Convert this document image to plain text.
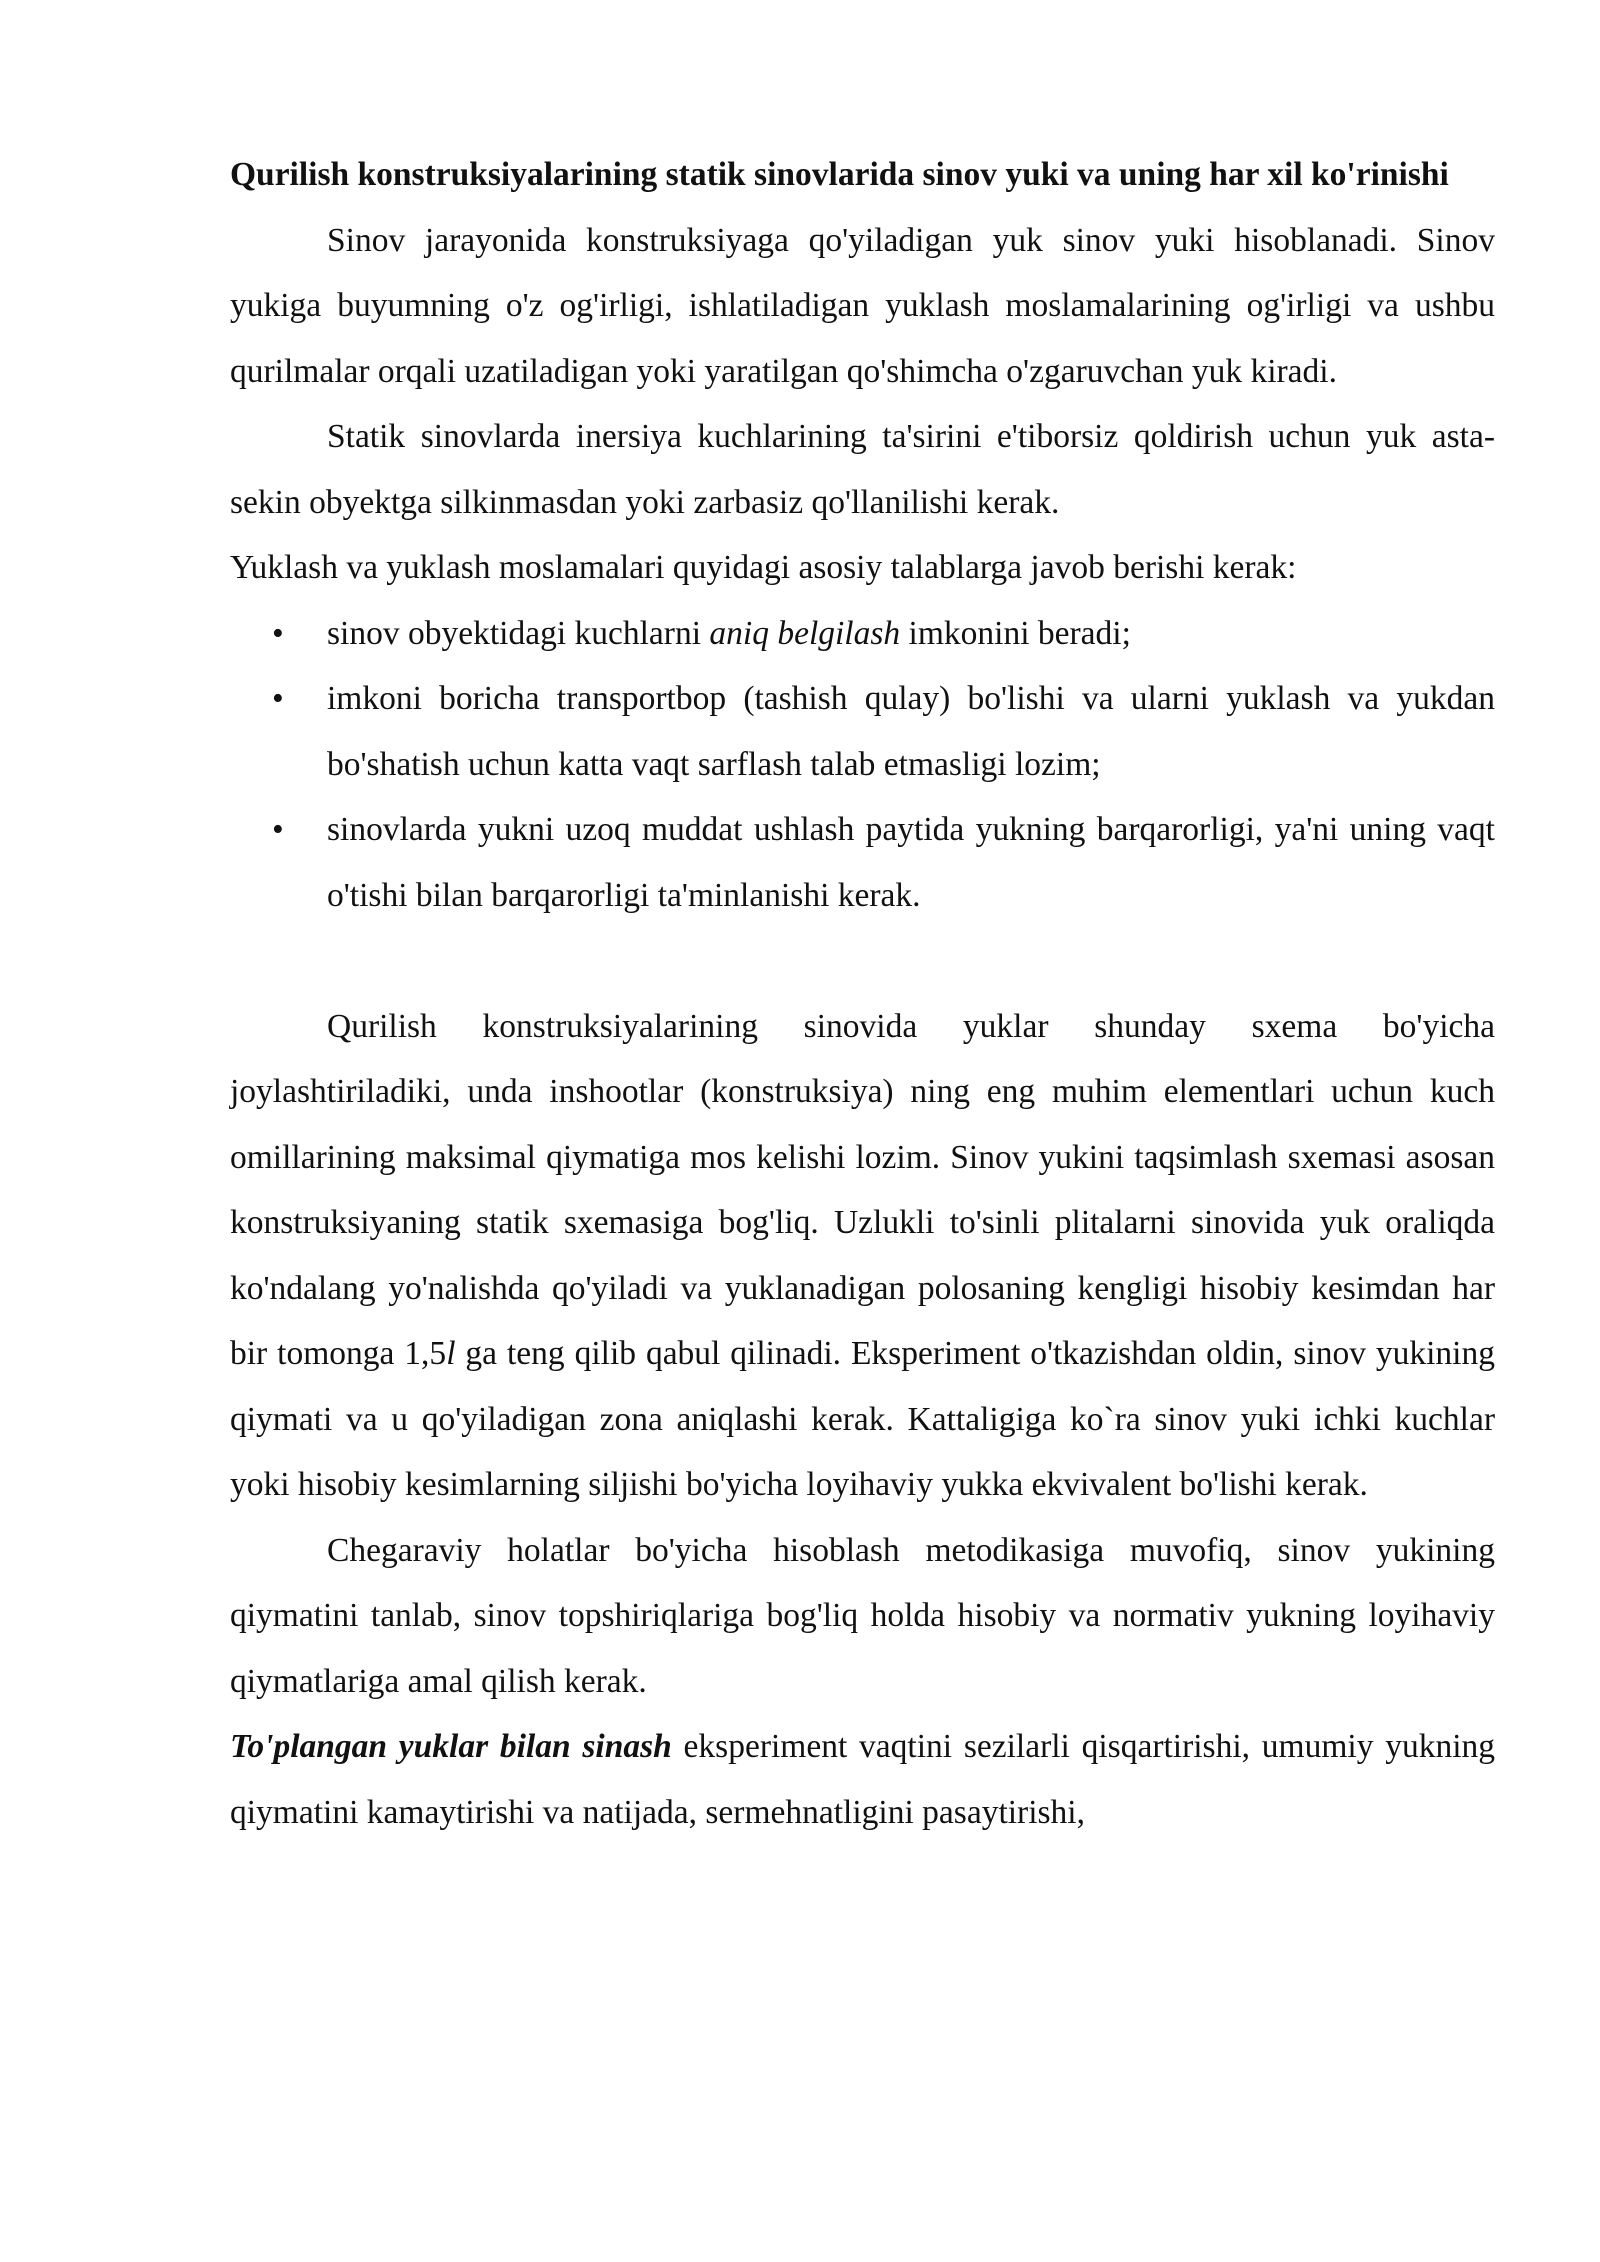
Qurilish konstruksiyalarining statik sinovlarida sinov yuki va uning har xil ko'rinishi

Sinov jarayonida konstruksiyaga qo'yiladigan yuk sinov yuki hisoblanadi. Sinov yukiga buyumning o'z og'irligi, ishlatiladigan yuklash moslamalarining og'irligi va ushbu qurilmalar orqali uzatiladigan yoki yaratilgan qo'shimcha o'zgaruvchan yuk kiradi.

Statik sinovlarda inersiya kuchlarining ta'sirini e'tiborsiz qoldirish uchun yuk asta-sekin obyektga silkinmasdan yoki zarbasiz qo'llanilishi kerak.

Yuklash va yuklash moslamalari quyidagi asosiy talablarga javob berishi kerak:

• sinov obyektidagi kuchlarni aniq belgilash imkonini beradi;
• imkoni boricha transportbop (tashish qulay) bo'lishi va ularni yuklash va yukdan bo'shatish uchun katta vaqt sarflash talab etmasligi lozim;
• sinovlarda yukni uzoq muddat ushlash paytida yukning barqarorligi, ya'ni uning vaqt o'tishi bilan barqarorligi ta'minlanishi kerak.

Qurilish konstruksiyalarining sinovida yuklar shunday sxema bo'yicha joylashtiriladiki, unda inshootlar (konstruksiya) ning eng muhim elementlari uchun kuch omillarining maksimal qiymatiga mos kelishi lozim. Sinov yukini taqsimlash sxemasi asosan konstruksiyaning statik sxemasiga bog'liq. Uzlukli to'sinli plitalarni sinovida yuk oraliqda ko'ndalang yo'nalishda qo'yiladi va yuklanadigan polosaning kengligi hisobiy kesimdan har bir tomonga 1,5l ga teng qilib qabul qilinadi. Eksperiment o'tkazishdan oldin, sinov yukining qiymati va u qo'yiladigan zona aniqlashi kerak. Kattaligiga ko`ra sinov yuki ichki kuchlar yoki hisobiy kesimlarning siljishi bo'yicha loyihaviy yukka ekvivalent bo'lishi kerak.

Chegaraviy holatlar bo'yicha hisoblash metodikasiga muvofiq, sinov yukining qiymatini tanlab, sinov topshiriqlariga bog'liq holda hisobiy va normativ yukning loyihaviy qiymatlariga amal qilish kerak.

To'plangan yuklar bilan sinash eksperiment vaqtini sezilarli qisqartirishi, umumiy yukning qiymatini kamaytirishi va natijada, sermehnatligini pasaytirishi,
